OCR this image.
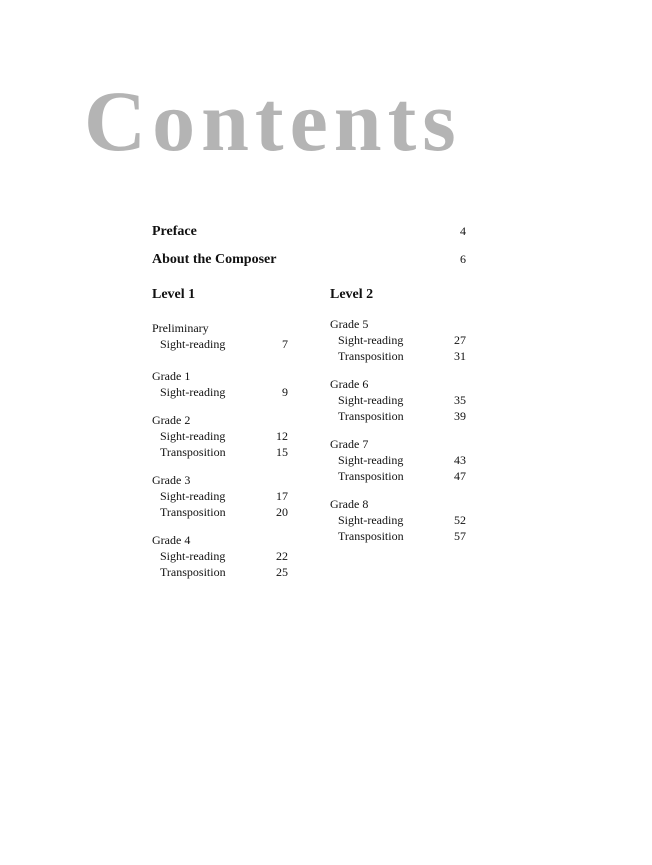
Contents
Preface	4
About the Composer	6
Level 1
Preliminary
Sight-reading	7
Grade 1
Sight-reading	9
Grade 2
Sight-reading	12
Transposition	15
Grade 3
Sight-reading	17
Transposition	20
Grade 4
Sight-reading	22
Transposition	25
Level 2
Grade 5
Sight-reading	27
Transposition	31
Grade 6
Sight-reading	35
Transposition	39
Grade 7
Sight-reading	43
Transposition	47
Grade 8
Sight-reading	52
Transposition	57
